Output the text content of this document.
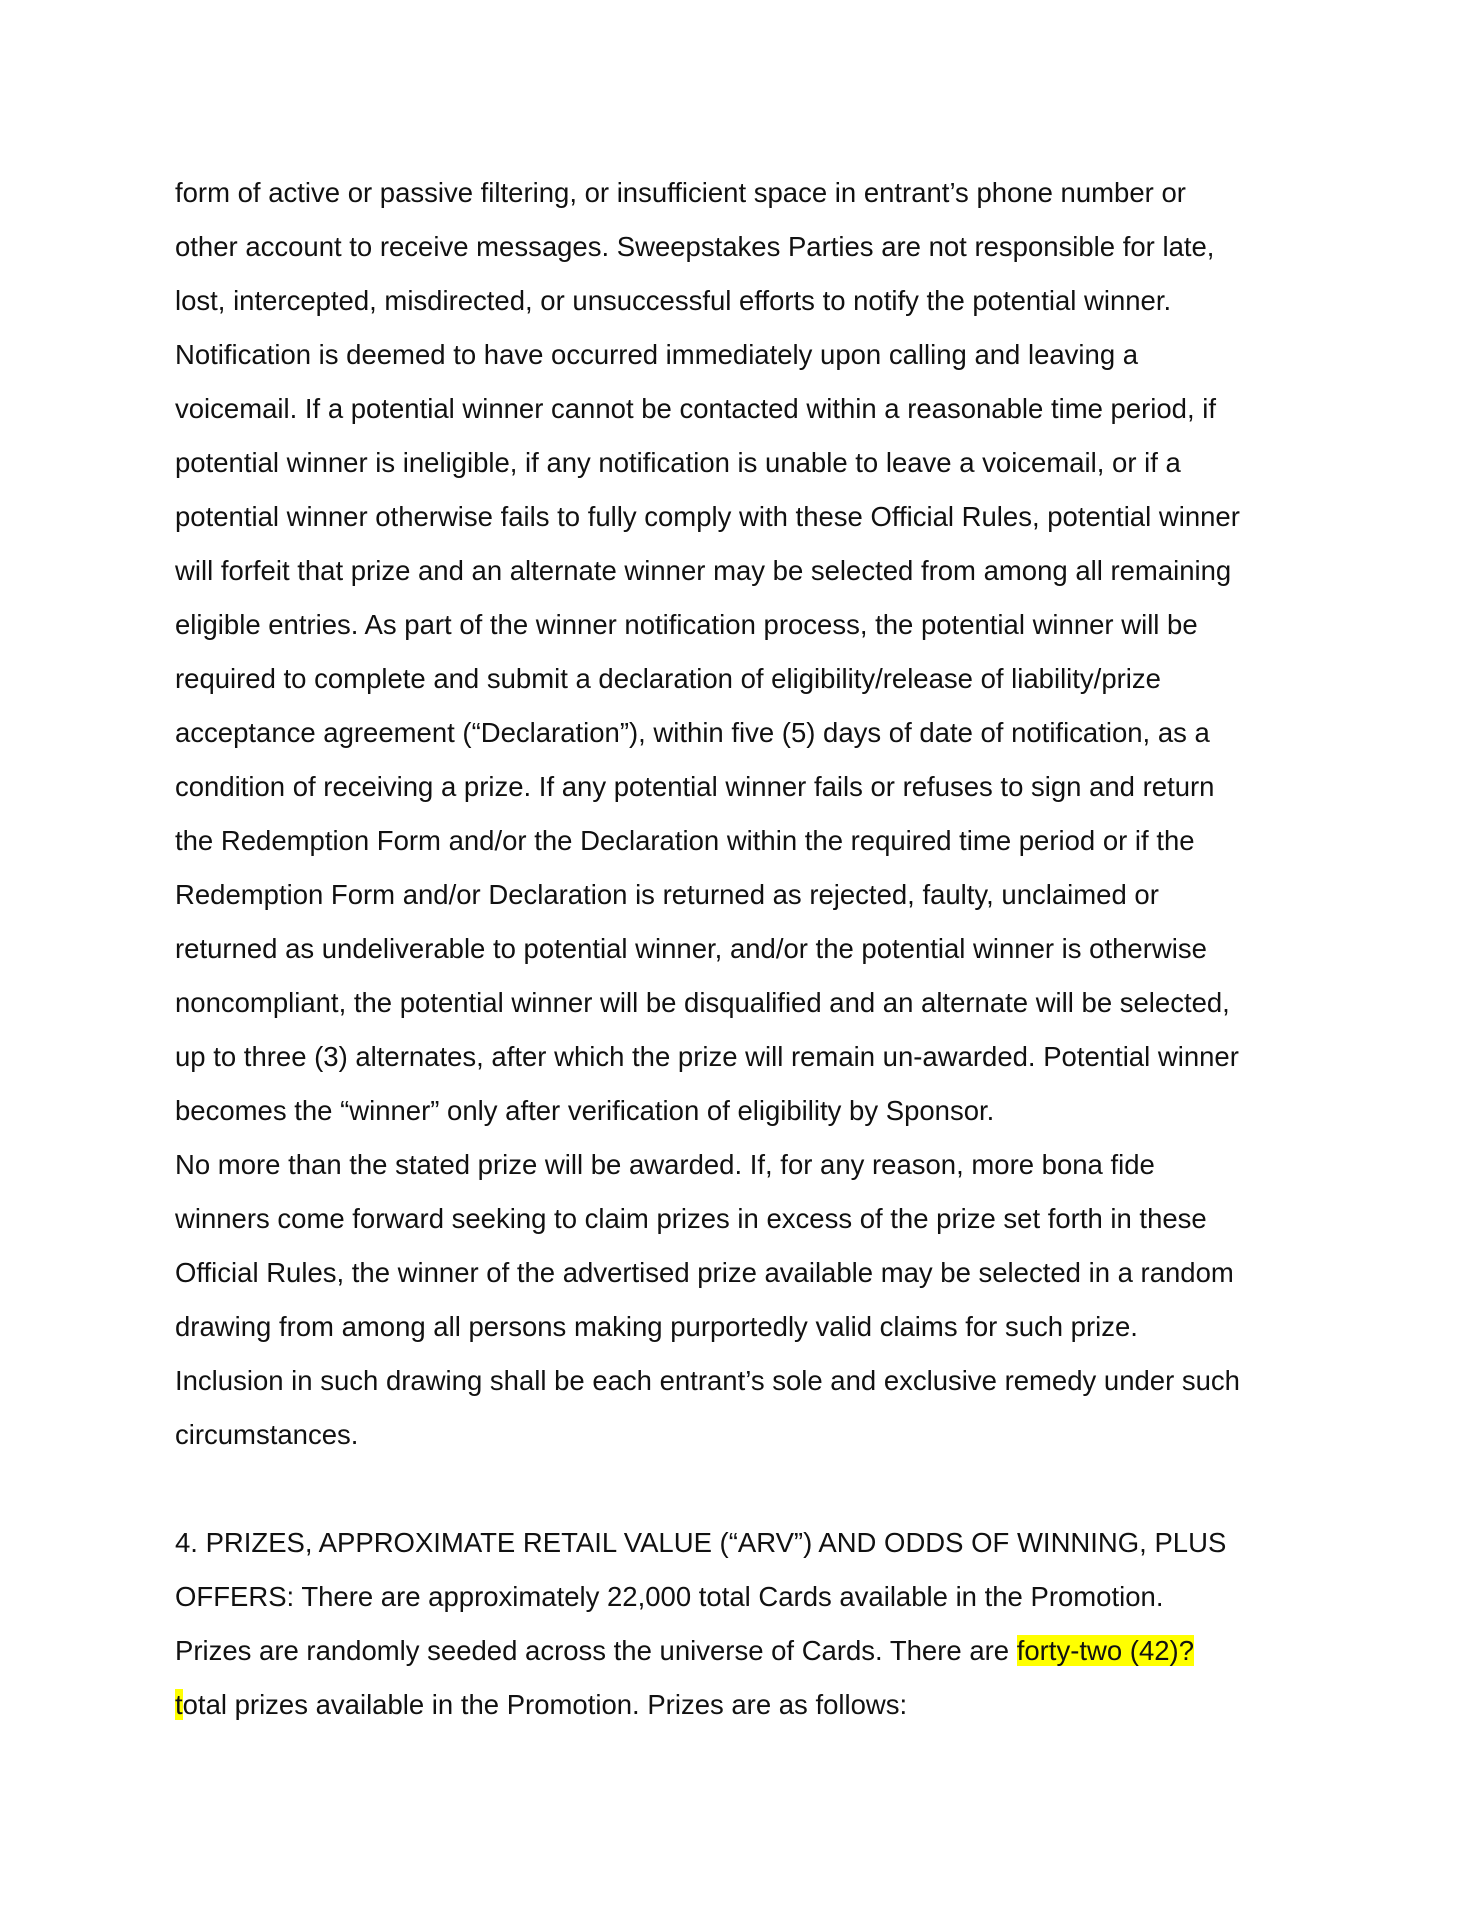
form of active or passive filtering, or insufficient space in entrant’s phone number or
other account to receive messages. Sweepstakes Parties are not responsible for late,
lost, intercepted, misdirected, or unsuccessful efforts to notify the potential winner.
Notification is deemed to have occurred immediately upon calling and leaving a
voicemail. If a potential winner cannot be contacted within a reasonable time period, if
potential winner is ineligible, if any notification is unable to leave a voicemail, or if a
potential winner otherwise fails to fully comply with these Official Rules, potential winner
will forfeit that prize and an alternate winner may be selected from among all remaining
eligible entries. As part of the winner notification process, the potential winner will be
required to complete and submit a declaration of eligibility/release of liability/prize
acceptance agreement (“Declaration”), within five (5) days of date of notification, as a
condition of receiving a prize. If any potential winner fails or refuses to sign and return
the Redemption Form and/or the Declaration within the required time period or if the
Redemption Form and/or Declaration is returned as rejected, faulty, unclaimed or
returned as undeliverable to potential winner, and/or the potential winner is otherwise
noncompliant, the potential winner will be disqualified and an alternate will be selected,
up to three (3) alternates, after which the prize will remain un-awarded. Potential winner
becomes the “winner” only after verification of eligibility by Sponsor.
No more than the stated prize will be awarded. If, for any reason, more bona fide
winners come forward seeking to claim prizes in excess of the prize set forth in these
Official Rules, the winner of the advertised prize available may be selected in a random
drawing from among all persons making purportedly valid claims for such prize.
Inclusion in such drawing shall be each entrant’s sole and exclusive remedy under such
circumstances.
4. PRIZES, APPROXIMATE RETAIL VALUE (“ARV”) AND ODDS OF WINNING, PLUS
OFFERS: There are approximately 22,000 total Cards available in the Promotion.
Prizes are randomly seeded across the universe of Cards. There are forty-two (42)?
total prizes available in the Promotion. Prizes are as follows:
